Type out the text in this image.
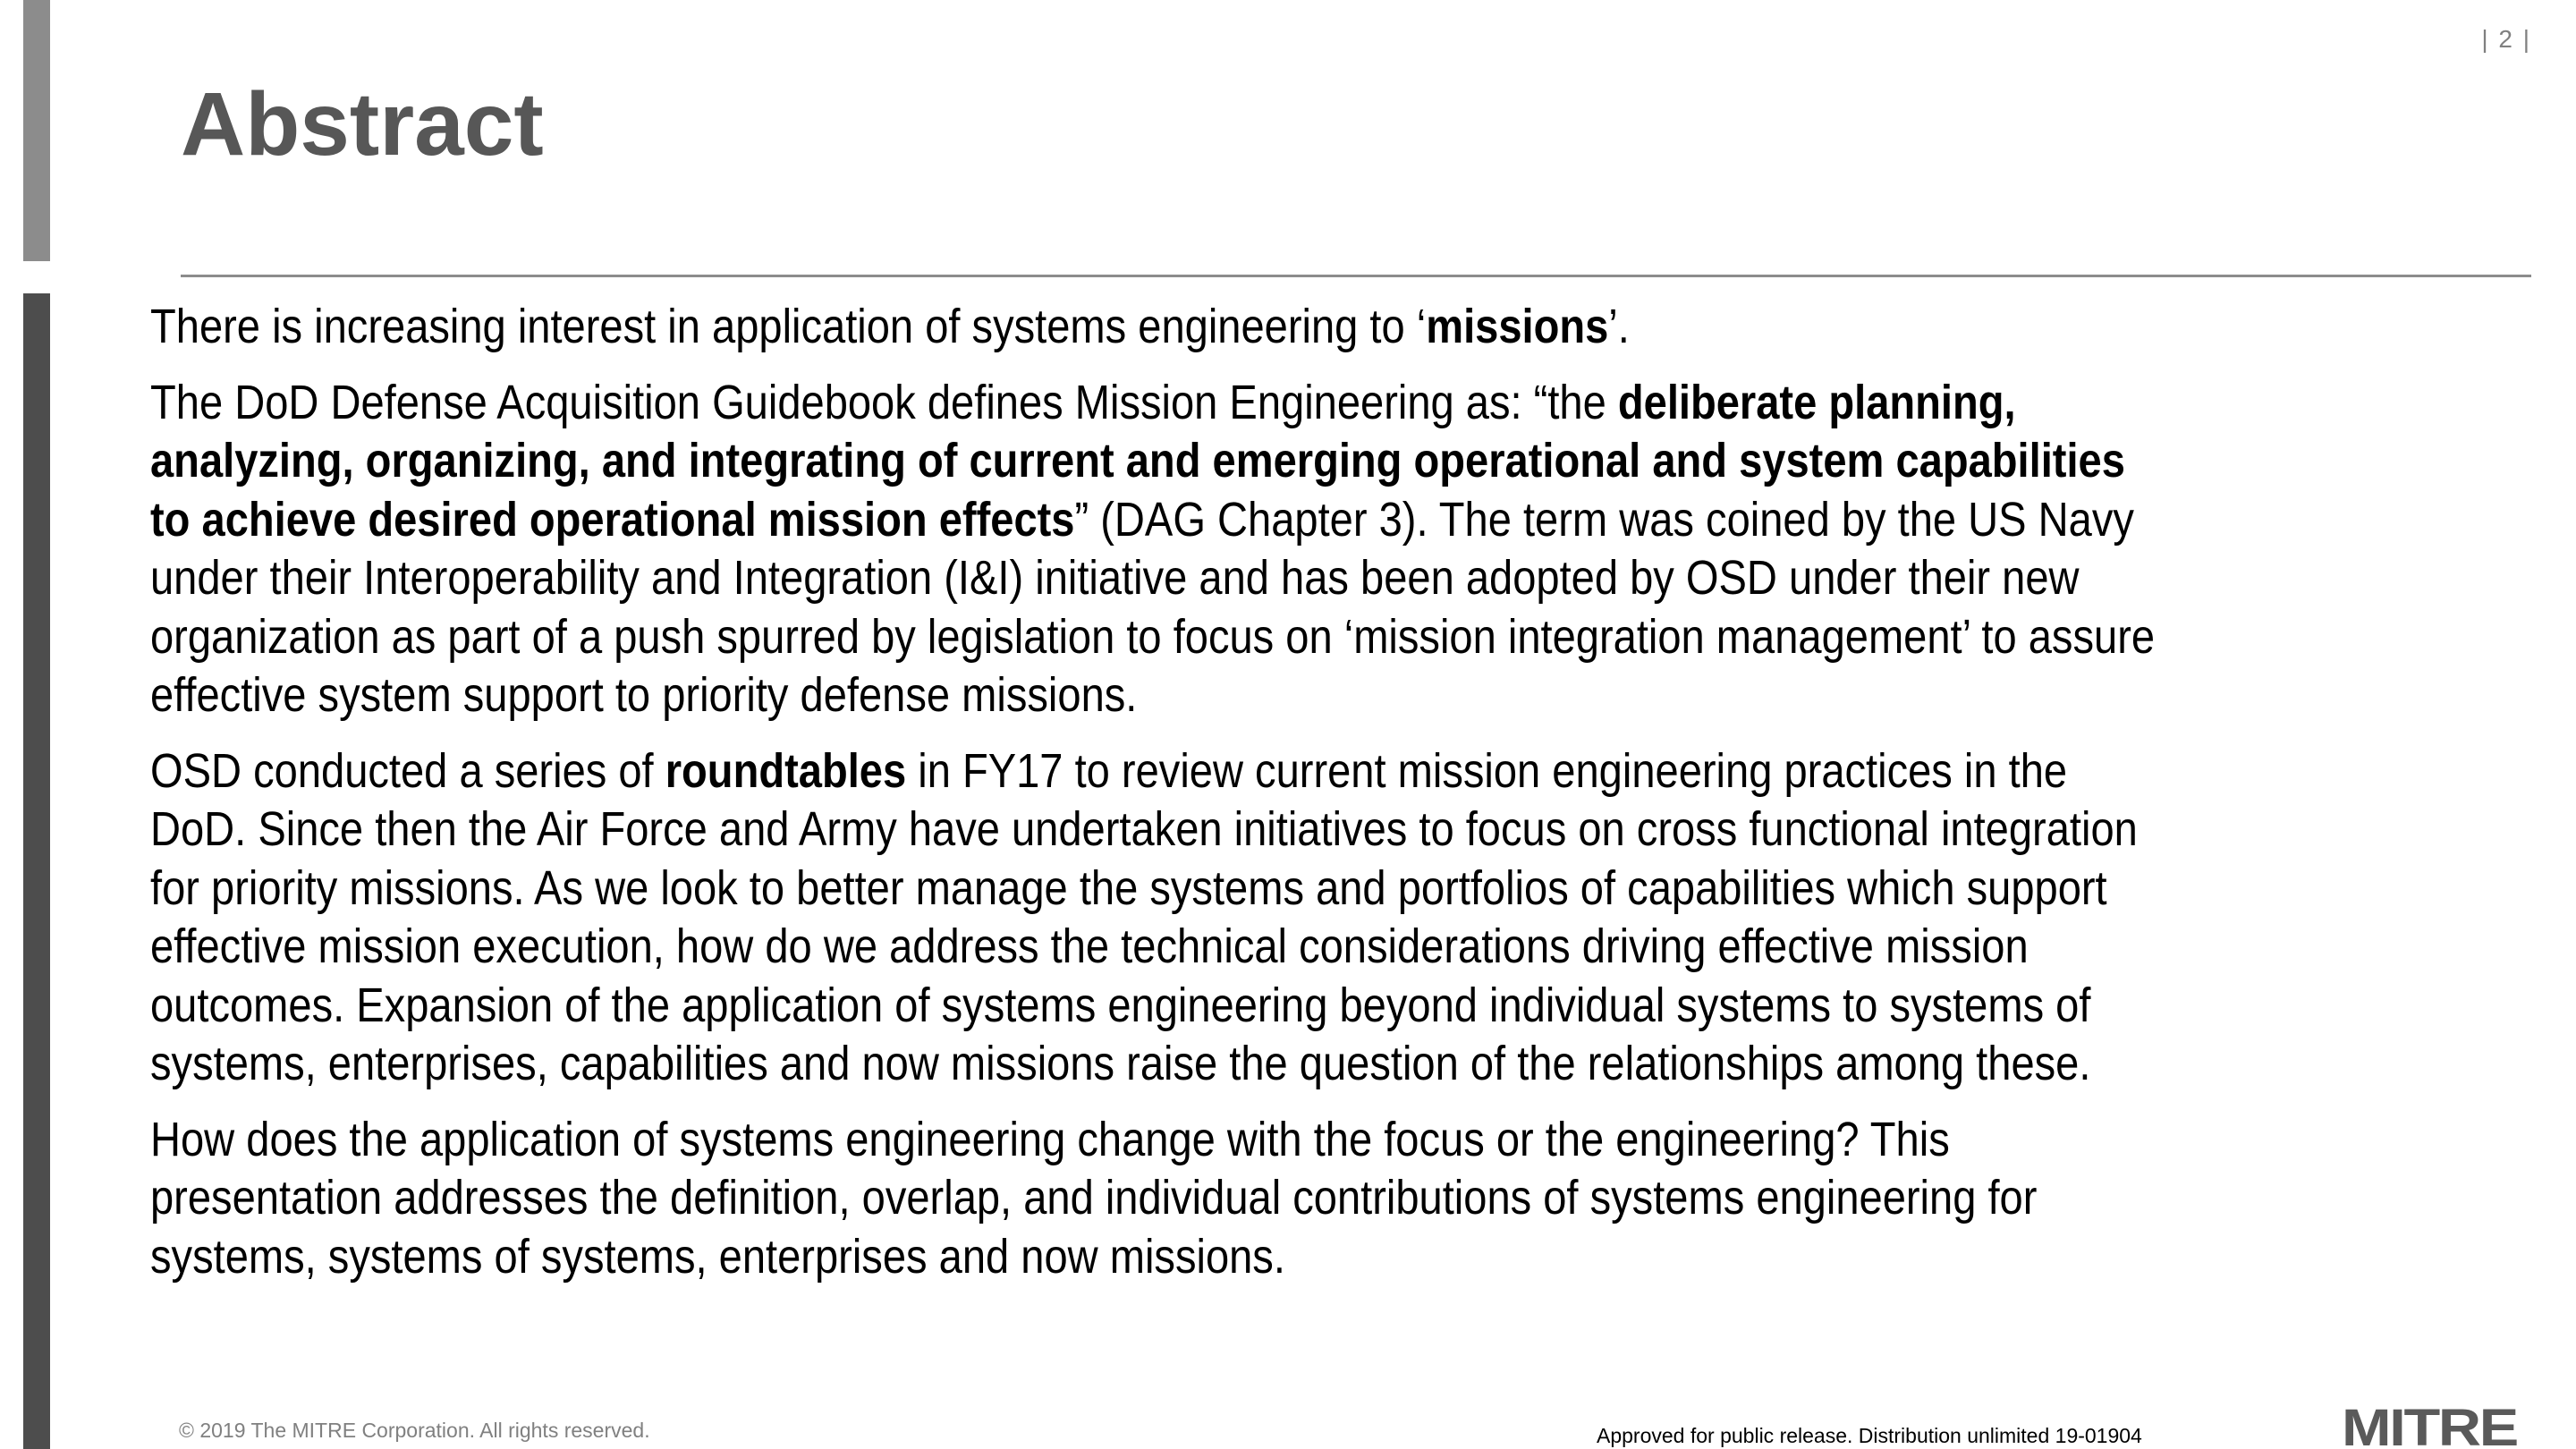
| 2 |
Abstract

There is increasing interest in application of systems engineering to ‘missions’.

The DoD Defense Acquisition Guidebook defines Mission Engineering as: “the deliberate planning, analyzing, organizing, and integrating of current and emerging operational and system capabilities to achieve desired operational mission effects” (DAG Chapter 3). The term was coined by the US Navy under their Interoperability and Integration (I&I) initiative and has been adopted by OSD under their new organization as part of a push spurred by legislation to focus on ‘mission integration management’ to assure effective system support to priority defense missions.

OSD conducted a series of roundtables in FY17 to review current mission engineering practices in the DoD. Since then the Air Force and Army have undertaken initiatives to focus on cross functional integration for priority missions. As we look to better manage the systems and portfolios of capabilities which support effective mission execution, how do we address the technical considerations driving effective mission outcomes. Expansion of the application of systems engineering beyond individual systems to systems of systems, enterprises, capabilities and now missions raise the question of the relationships among these.

How does the application of systems engineering change with the focus or the engineering? This presentation addresses the definition, overlap, and individual contributions of systems engineering for systems, systems of systems, enterprises and now missions.

© 2019 The MITRE Corporation. All rights reserved.	Approved for public release. Distribution unlimited 19-01904	MITRE
